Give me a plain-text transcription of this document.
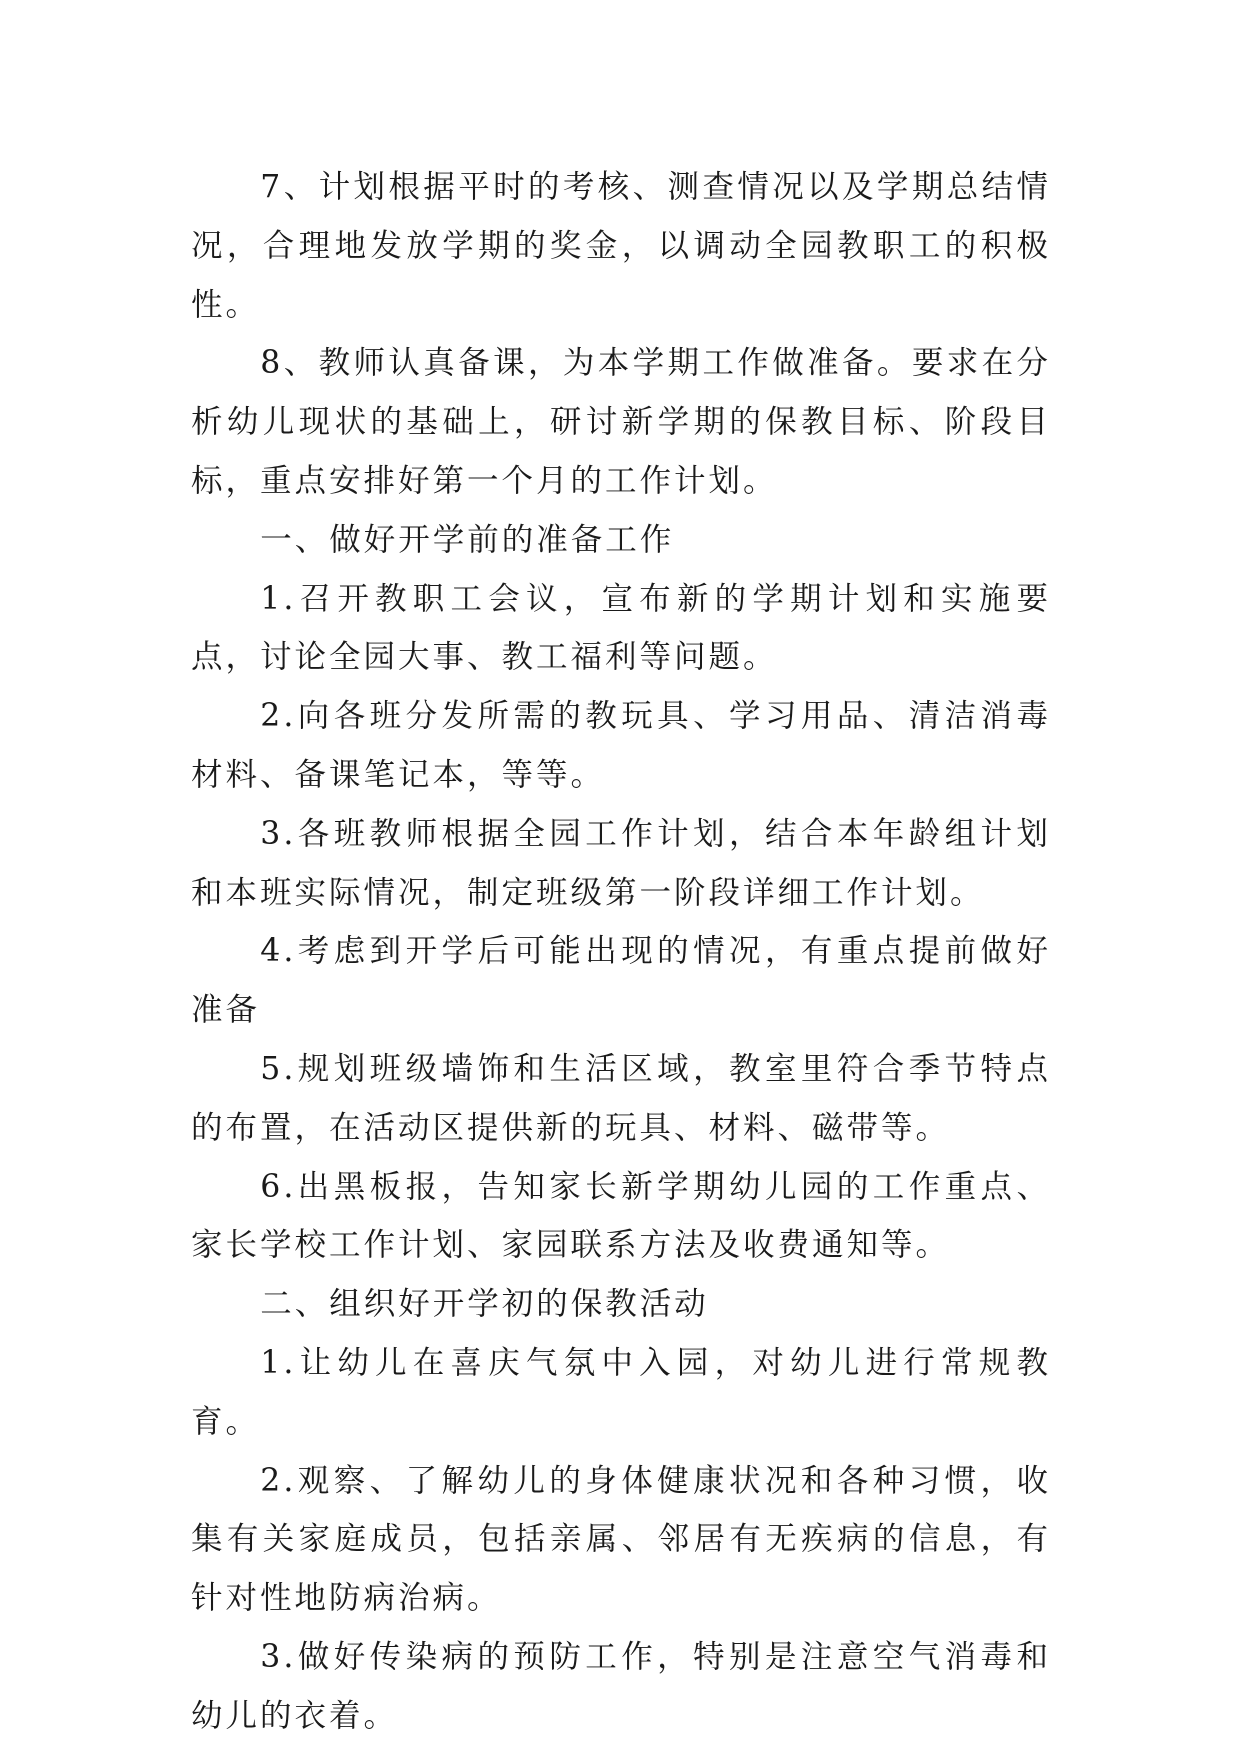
7、计划根据平时的考核、测查情况以及学期总结情况，合理地发放学期的奖金，以调动全园教职工的积极性。

8、教师认真备课，为本学期工作做准备。要求在分析幼儿现状的基础上，研讨新学期的保教目标、阶段目标，重点安排好第一个月的工作计划。

一、做好开学前的准备工作

1.召开教职工会议，宣布新的学期计划和实施要点，讨论全园大事、教工福利等问题。

2.向各班分发所需的教玩具、学习用品、清洁消毒材料、备课笔记本，等等。

3.各班教师根据全园工作计划，结合本年龄组计划和本班实际情况，制定班级第一阶段详细工作计划。

4.考虑到开学后可能出现的情况，有重点提前做好准备

5.规划班级墙饰和生活区域，教室里符合季节特点的布置，在活动区提供新的玩具、材料、磁带等。

6.出黑板报，告知家长新学期幼儿园的工作重点、家长学校工作计划、家园联系方法及收费通知等。

二、组织好开学初的保教活动

1.让幼儿在喜庆气氛中入园，对幼儿进行常规教育。

2.观察、了解幼儿的身体健康状况和各种习惯，收集有关家庭成员，包括亲属、邻居有无疾病的信息，有针对性地防病治病。

3.做好传染病的预防工作，特别是注意空气消毒和幼儿的衣着。
